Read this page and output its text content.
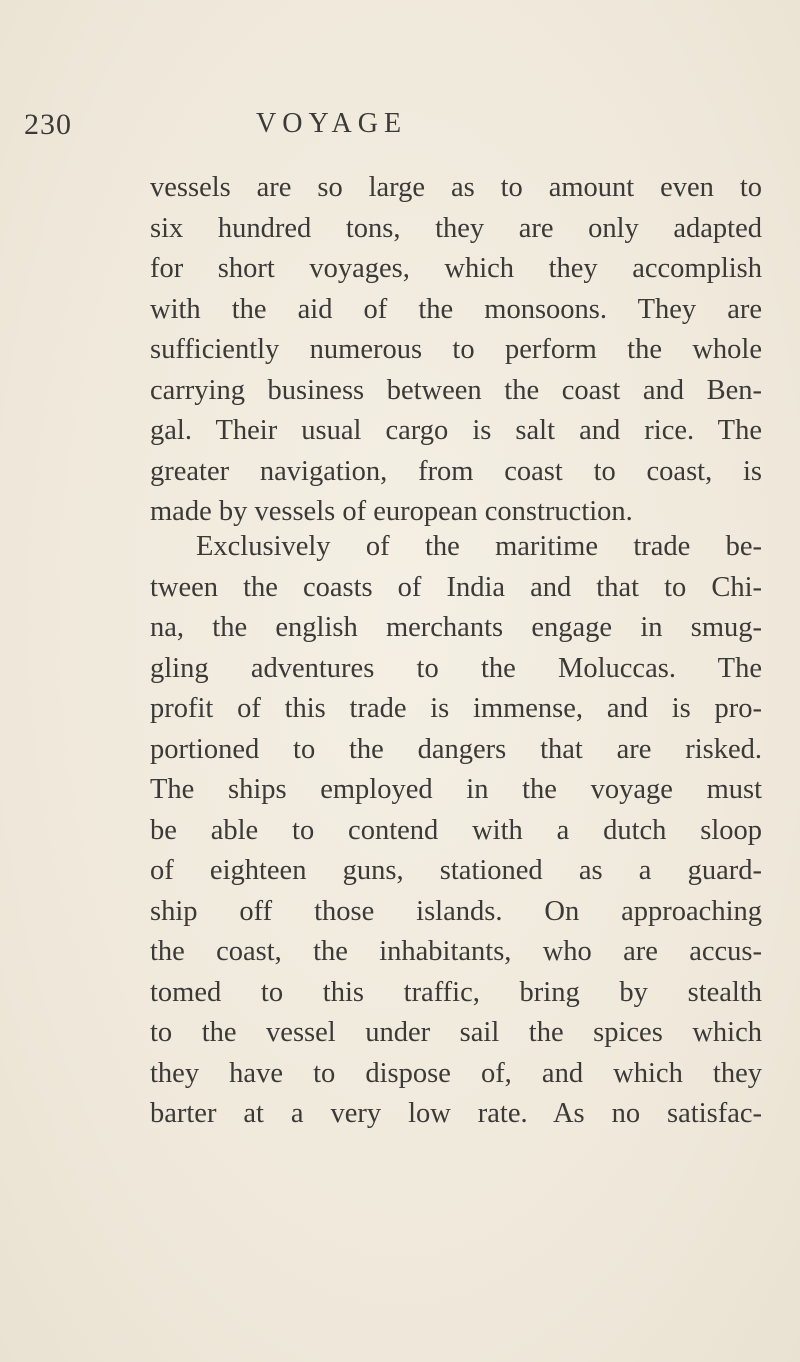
230	VOYAGE
vessels are so large as to amount even to
six hundred tons, they are only adapted
for short voyages, which they accomplish
with the aid of the monsoons. They are
sufficiently numerous to perform the whole
carrying business between the coast and Ben-
gal. Their usual cargo is salt and rice. The
greater navigation, from coast to coast, is
made by vessels of european construction.
Exclusively of the maritime trade be-
tween the coasts of India and that to Chi-
na, the english merchants engage in smug-
gling adventures to the Moluccas. The
profit of this trade is immense, and is pro-
portioned to the dangers that are risked.
The ships employed in the voyage must
be able to contend with a dutch sloop
of eighteen guns, stationed as a guard-
ship off those islands. On approaching
the coast, the inhabitants, who are accus-
tomed to this traffic, bring by stealth
to the vessel under sail the spices which
they have to dispose of, and which they
barter at a very low rate. As no satisfac-
